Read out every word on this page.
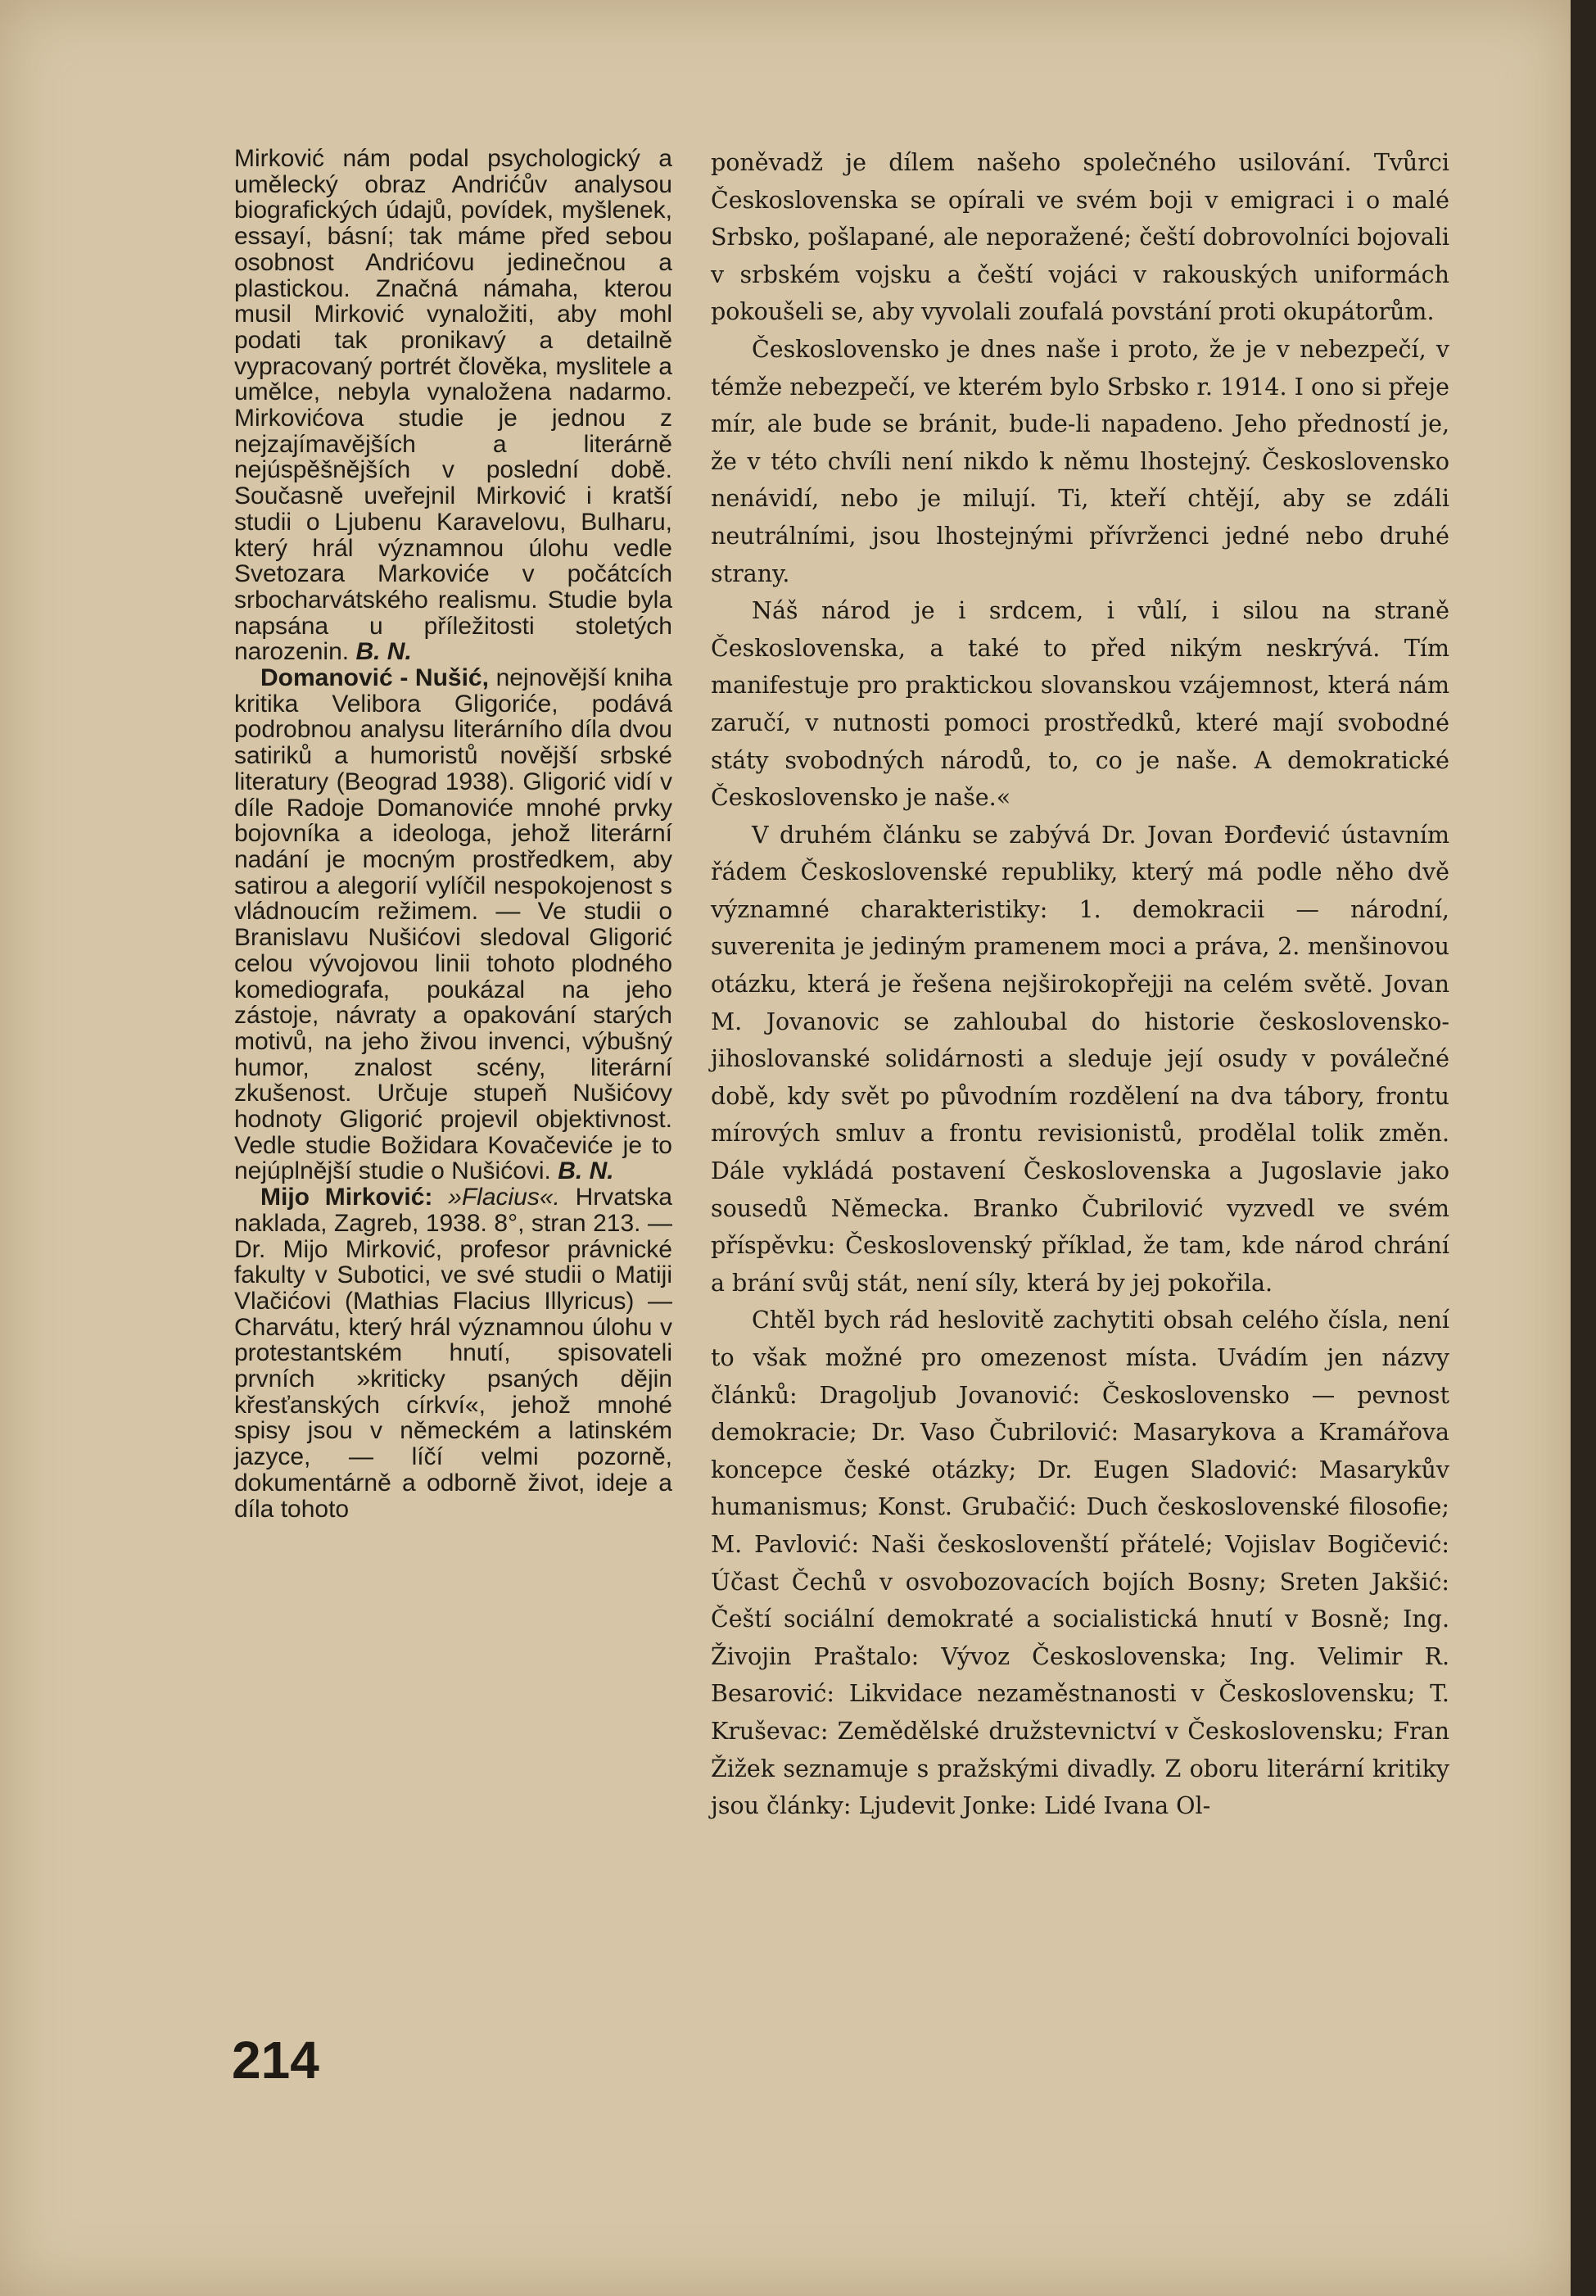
Mirković nám podal psychologický a umělecký obraz Andrićův analysou biografických údajů, povídek, myšlenek, essayí, básní; tak máme před sebou osobnost Andrićovu jedinečnou a plastickou. Značná námaha, kterou musil Mirković vynaložiti, aby mohl podati tak pronikavý a detailně vypracovaný portrét člověka, myslitele a umělce, nebyla vynaložena nadarmo. Mirkovićova studie je jednou z nejzajímavějších a literárně nejúspěšnějších v poslední době. Současně uveřejnil Mirković i kratší studii o Ljubenu Karavelovu, Bulharu, který hrál významnou úlohu vedle Svetozara Markoviće v počátcích srbocharvátského realismu. Studie byla napsána u příležitosti stoletých narozenin. B. N.

Domanović - Nušić, nejnovější kniha kritika Velibora Gligoriće, podává podrobnou analysu literárního díla dvou satiriků a humoristů novější srbské literatury (Beograd 1938). Gligorić vidí v díle Radoje Domanoviće mnohé prvky bojovníka a ideologa, jehož literární nadání je mocným prostředkem, aby satirou a alegorií vylíčil nespokojenost s vládnoucím režimem. — Ve studii o Branislavu Nušićovi sledoval Gligorić celou vývojovou linii tohoto plodného komediografa, poukázal na jeho zástoje, návraty a opakování starých motivů, na jeho živou invenci, výbušný humor, znalost scény, literární zkušenost. Určuje stupeň Nušićovy hodnoty Gligorić projevil objektivnost. Vedle studie Božidara Kovačeviće je to nejúplnější studie o Nušićovi. B. N.

Mijo Mirković: »Flacius«. Hrvatska naklada, Zagreb, 1938. 8°, stran 213. — Dr. Mijo Mirković, profesor právnické fakulty v Subotici, ve své studii o Matiji Vlačićovi (Mathias Flacius Illyricus) — Charvátu, který hrál významnou úlohu v protestantském hnutí, spisovateli prvních »kriticky psaných dějin křesťanských církví«, jehož mnohé spisy jsou v německém a latinském jazyce, — líčí velmi pozorně, dokumentárně a odborně život, ideje a díla tohoto

poněvadž je dílem našeho společného usilování. Tvůrci Československa se opírali ve svém boji v emigraci i o malé Srbsko, pošlapané, ale neporažené; čeští dobrovolníci bojovali v srbském vojsku a čeští vojáci v rakouských uniformách pokoušeli se, aby vyvolali zoufalá povstání proti okupátorům.

Československo je dnes naše i proto, že je v nebezpečí, v témže nebezpečí, ve kterém bylo Srbsko r. 1914. I ono si přeje mír, ale bude se bránit, bude-li napadeno. Jeho předností je, že v této chvíli není nikdo k němu lhostejný. Československo nenávidí, nebo je milují. Ti, kteří chtějí, aby se zdáli neutrálními, jsou lhostejnými přívrženci jedné nebo druhé strany.

Náš národ je i srdcem, i vůlí, i silou na straně Československa, a také to před nikým neskrývá. Tím manifestuje pro praktickou slovanskou vzájemnost, která nám zaručí, v nutnosti pomoci prostředků, které mají svobodné státy svobodných národů, to, co je naše. A demokratické Československo je naše.«

V druhém článku se zabývá Dr. Jovan Đorđević ústavním řádem Československé republiky, který má podle něho dvě významné charakteristiky: 1. demokracii — národní, suverenita je jediným pramenem moci a práva, 2. menšinovou otázku, která je řešena nejširokopřejji na celém světě. Jovan M. Jovanovic se zahloubal do historie československo-jihoslovanské solidárnosti a sleduje její osudy v poválečné době, kdy svět po původním rozdělení na dva tábory, frontu mírových smluv a frontu revisionistů, prodělal tolik změn. Dále vykládá postavení Československa a Jugoslavie jako sousedů Německa. Branko Čubrilović vyzvedl ve svém příspěvku: Československý příklad, že tam, kde národ chrání a brání svůj stát, není síly, která by jej pokořila.

Chtěl bych rád heslovitě zachytiti obsah celého čísla, není to však možné pro omezenost místa. Uvádím jen názvy článků: Dragoljub Jovanović: Československo — pevnost demokracie; Dr. Vaso Čubrilović: Masarykova a Kramářova koncepce české otázky; Dr. Eugen Sladović: Masarykův humanismus; Konst. Grubačić: Duch československé filosofie; M. Pavlović: Naši českoslovenští přátelé; Vojislav Bogičević: Účast Čechů v osvobozovacích bojích Bosny; Sreten Jakšić: Čeští sociální demokraté a socialistická hnutí v Bosně; Ing. Živojin Praštalo: Vývoz Československa; Ing. Velimir R. Besarović: Likvidace nezaměstnanosti v Československu; T. Kruševac: Zemědělské družstevnictví v Československu; Fran Žižek seznamuje s pražskými divadly. Z oboru literární kritiky jsou články: Ljudevit Jonke: Lidé Ivana Ol-

214
